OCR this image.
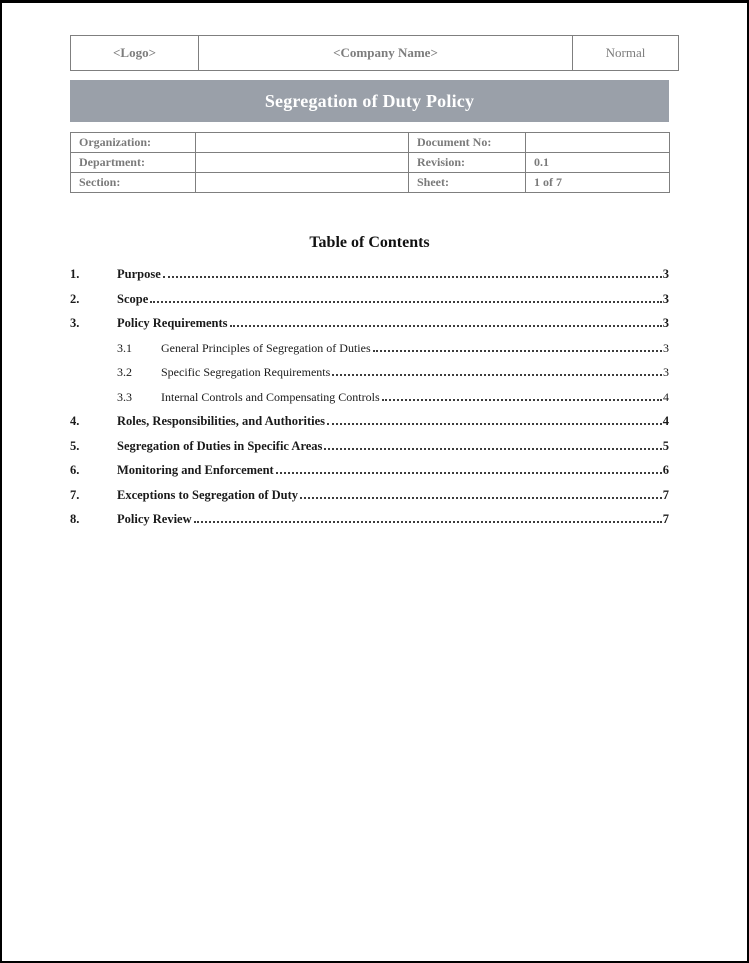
<Logo>	<Company Name>	Normal
Segregation of Duty Policy
Organization:		Document No:	
Department:		Revision:	0.1
Section:		Sheet:	1 of 7
Table of Contents
1.	Purpose	3
2.	Scope	3
3.	Policy Requirements	3
3.1	General Principles of Segregation of Duties	3
3.2	Specific Segregation Requirements	3
3.3	Internal Controls and Compensating Controls	4
4.	Roles, Responsibilities, and Authorities	4
5.	Segregation of Duties in Specific Areas	5
6.	Monitoring and Enforcement	6
7.	Exceptions to Segregation of Duty	7
8.	Policy Review	7
